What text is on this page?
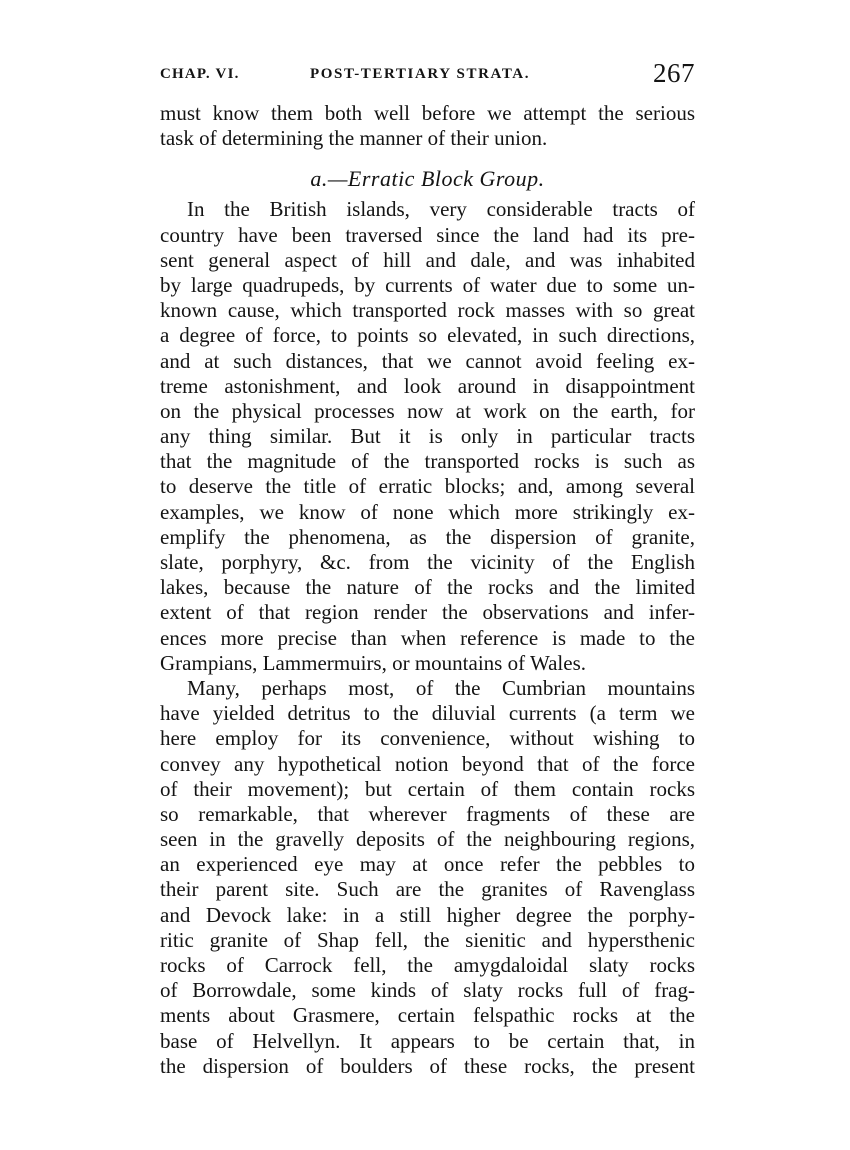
CHAP. VI.	POST-TERTIARY STRATA.	267
must know them both well before we attempt the serious
task of determining the manner of their union.
a.—Erratic Block Group.
In the British islands, very considerable tracts of
country have been traversed since the land had its pre-
sent general aspect of hill and dale, and was inhabited
by large quadrupeds, by currents of water due to some un-
known cause, which transported rock masses with so great
a degree of force, to points so elevated, in such directions,
and at such distances, that we cannot avoid feeling ex-
treme astonishment, and look around in disappointment
on the physical processes now at work on the earth, for
any thing similar. But it is only in particular tracts
that the magnitude of the transported rocks is such as
to deserve the title of erratic blocks; and, among several
examples, we know of none which more strikingly ex-
emplify the phenomena, as the dispersion of granite,
slate, porphyry, &c. from the vicinity of the English
lakes, because the nature of the rocks and the limited
extent of that region render the observations and infer-
ences more precise than when reference is made to the
Grampians, Lammermuirs, or mountains of Wales.
Many, perhaps most, of the Cumbrian mountains
have yielded detritus to the diluvial currents (a term we
here employ for its convenience, without wishing to
convey any hypothetical notion beyond that of the force
of their movement); but certain of them contain rocks
so remarkable, that wherever fragments of these are
seen in the gravelly deposits of the neighbouring regions,
an experienced eye may at once refer the pebbles to
their parent site. Such are the granites of Ravenglass
and Devock lake: in a still higher degree the porphy-
ritic granite of Shap fell, the sienitic and hypersthenic
rocks of Carrock fell, the amygdaloidal slaty rocks
of Borrowdale, some kinds of slaty rocks full of frag-
ments about Grasmere, certain felspathic rocks at the
base of Helvellyn. It appears to be certain that, in
the dispersion of boulders of these rocks, the present
